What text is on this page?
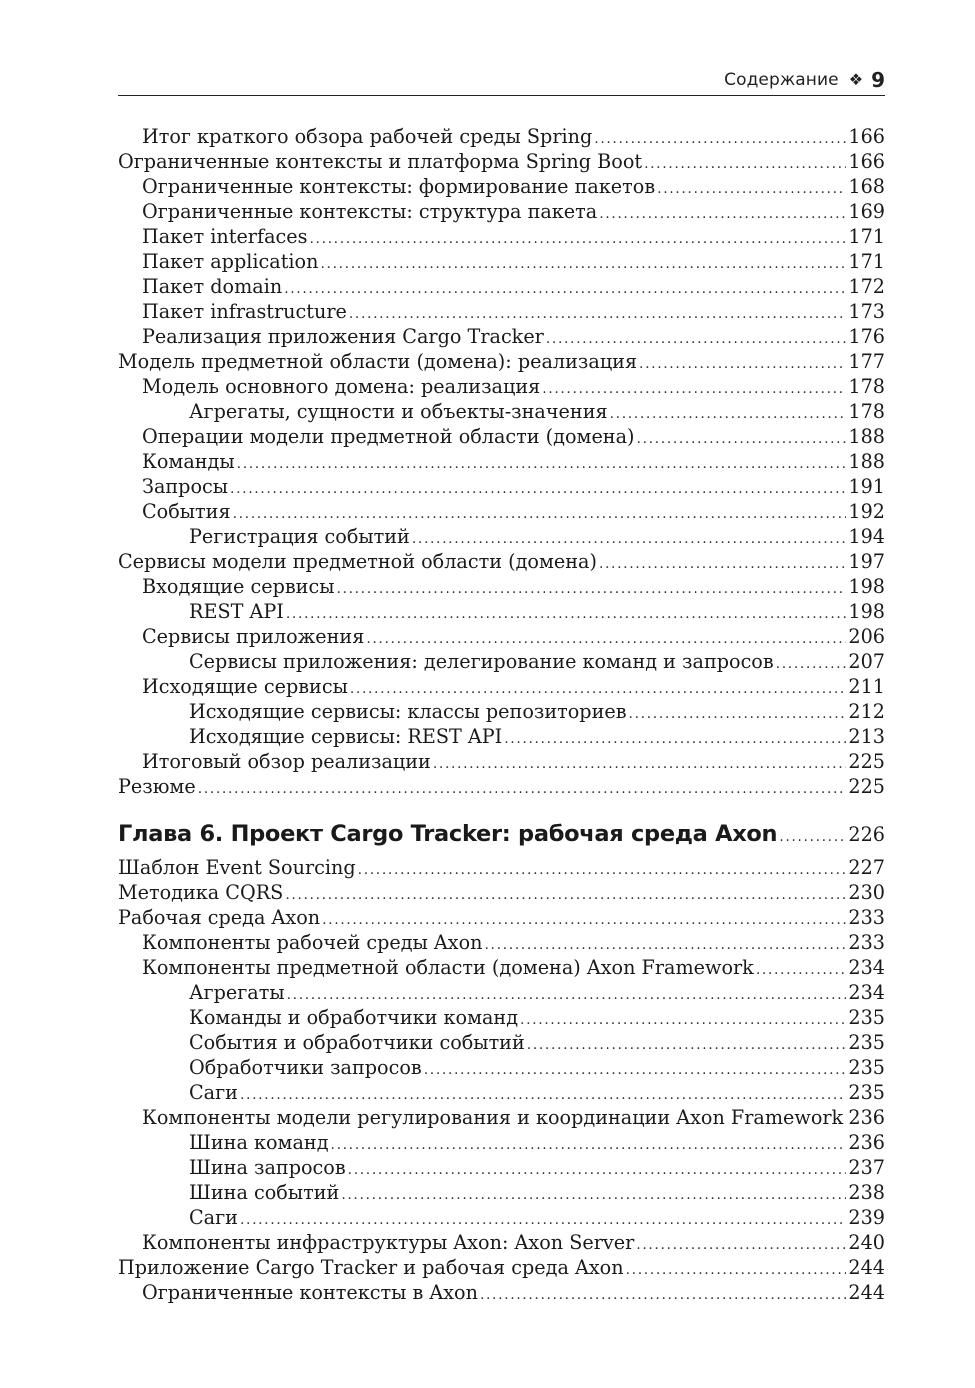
Содержание ❖ 9
Итог краткого обзора рабочей среды Spring .....	166
Ограниченные контексты и платформа Spring Boot .....	166
Ограниченные контексты: формирование пакетов .....	168
Ограниченные контексты: структура пакета .....	169
Пакет interfaces .....	171
Пакет application .....	171
Пакет domain .....	172
Пакет infrastructure .....	173
Реализация приложения Cargo Tracker .....	176
Модель предметной области (домена): реализация .....	177
Модель основного домена: реализация .....	178
Агрегаты, сущности и объекты-значения .....	178
Операции модели предметной области (домена) .....	188
Команды .....	188
Запросы .....	191
События .....	192
Регистрация событий .....	194
Сервисы модели предметной области (домена) .....	197
Входящие сервисы .....	198
REST API .....	198
Сервисы приложения .....	206
Сервисы приложения: делегирование команд и запросов .....	207
Исходящие сервисы .....	211
Исходящие сервисы: классы репозиториев .....	212
Исходящие сервисы: REST API .....	213
Итоговый обзор реализации .....	225
Резюме .....	225
Глава 6. Проект Cargo Tracker: рабочая среда Axon .....	226
Шаблон Event Sourcing .....	227
Методика CQRS .....	230
Рабочая среда Axon .....	233
Компоненты рабочей среды Axon .....	233
Компоненты предметной области (домена) Axon Framework .....	234
Агрегаты .....	234
Команды и обработчики команд .....	235
События и обработчики событий .....	235
Обработчики запросов .....	235
Саги .....	235
Компоненты модели регулирования и координации Axon Framework ..... 236
Шина команд .....	236
Шина запросов .....	237
Шина событий .....	238
Саги .....	239
Компоненты инфраструктуры Axon: Axon Server .....	240
Приложение Cargo Tracker и рабочая среда Axon .....	244
Ограниченные контексты в Axon .....	244
